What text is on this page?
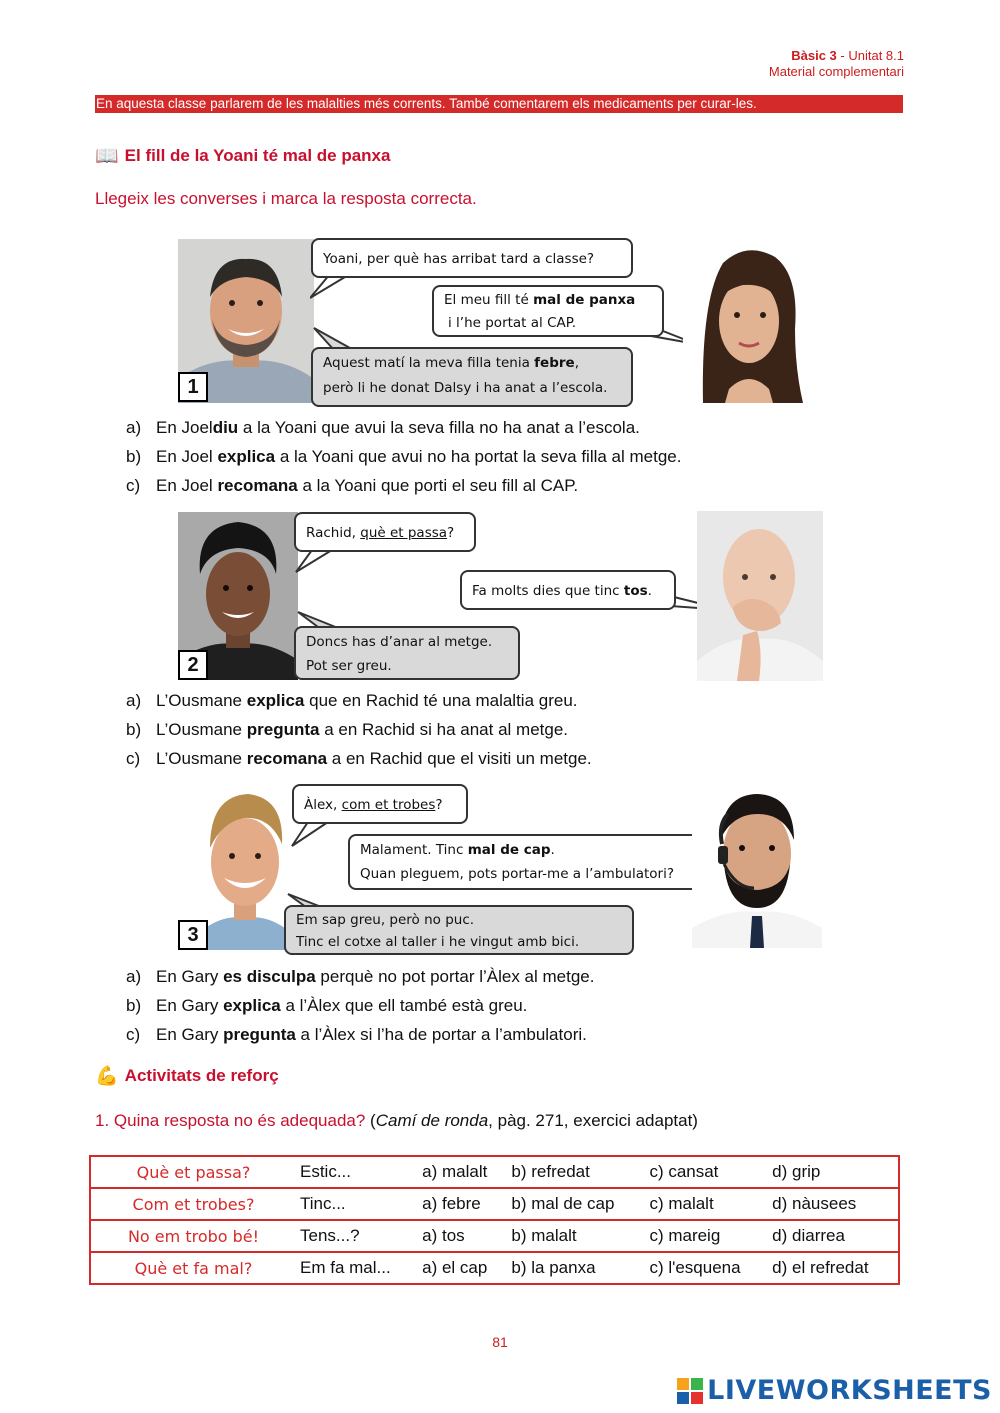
Bàsic 3 - Unitat 8.1
Material complementari
En aquesta classe parlarem de les malalties més corrents. També comentarem els medicaments per curar-les.
📖 El fill de la Yoani té mal de panxa
Llegeix les converses i marca la resposta correcta.
1
Yoani, per què has arribat tard a classe?
El meu fill té mal de panxa
i l’he portat al CAP.
Aquest matí la meva filla tenia febre,
però li he donat Dalsy i ha anat a l’escola.
a) En Joel diu a la Yoani que avui la seva filla no ha anat a l’escola.
b) En Joel explica a la Yoani que avui no ha portat la seva filla al metge.
c) En Joel recomana a la Yoani que porti el seu fill al CAP.
2
Rachid, què et passa?
Fa molts dies que tinc tos.
Doncs has d’anar al metge.
Pot ser greu.
a) L’Ousmane explica que en Rachid té una malaltia greu.
b) L’Ousmane pregunta a en Rachid si ha anat al metge.
c) L’Ousmane recomana a en Rachid que el visiti un metge.
3
Àlex, com et trobes?
Malament. Tinc mal de cap.
Quan pleguem, pots portar-me a l’ambulatori?
Em sap greu, però no puc.
Tinc el cotxe al taller i he vingut amb bici.
a) En Gary es disculpa perquè no pot portar l’Àlex al metge.
b) En Gary explica a l’Àlex que ell també està greu.
c) En Gary pregunta a l’Àlex si l’ha de portar a l’ambulatori.
💪 Activitats de reforç
1. Quina resposta no és adequada? (Camí de ronda, pàg. 271, exercici adaptat)
Què et passa?	Estic...	a) malalt	b) refredat	c) cansat	d) grip
Com et trobes?	Tinc...	a) febre	b) mal de cap	c) malalt	d) nàusees
No em trobo bé!	Tens...?	a) tos	b) malalt	c) mareig	d) diarrea
Què et fa mal?	Em fa mal...	a) el cap	b) la panxa	c) l'esquena	d) el refredat
81
LIVEWORKSHEETS
